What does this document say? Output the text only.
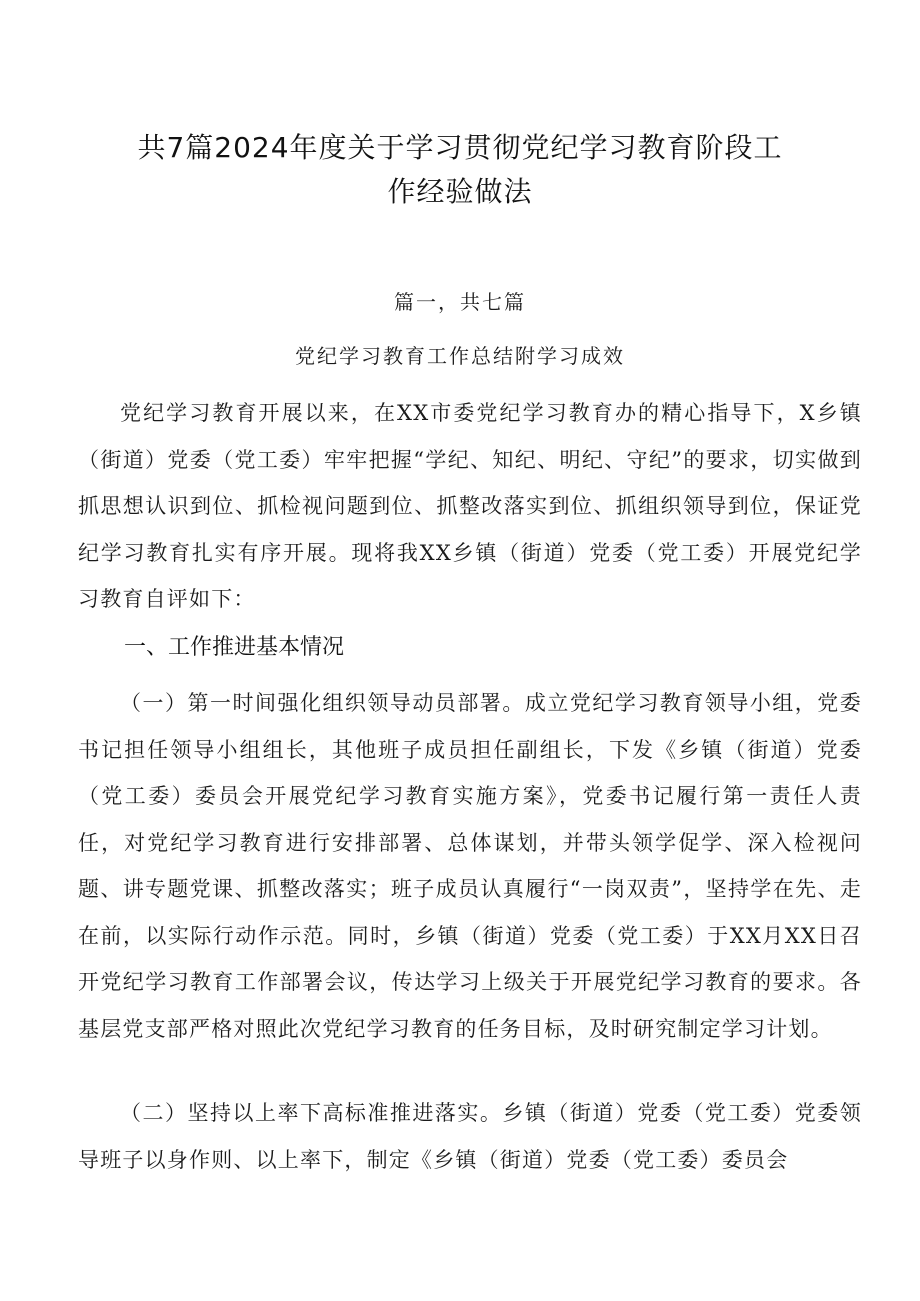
共7篇2024年度关于学习贯彻党纪学习教育阶段工
作经验做法
篇一，共七篇
党纪学习教育工作总结附学习成效

党纪学习教育开展以来，在XX市委党纪学习教育办的精心指导下，X乡镇（街道）党委（党工委）牢牢把握“学纪、知纪、明纪、守纪”的要求，切实做到抓思想认识到位、抓检视问题到位、抓整改落实到位、抓组织领导到位，保证党纪学习教育扎实有序开展。现将我XX乡镇（街道）党委（党工委）开展党纪学习教育自评如下：

一、工作推进基本情况

（一）第一时间强化组织领导动员部署。成立党纪学习教育领导小组，党委书记担任领导小组组长，其他班子成员担任副组长，下发《乡镇（街道）党委（党工委）委员会开展党纪学习教育实施方案》，党委书记履行第一责任人责任，对党纪学习教育进行安排部署、总体谋划，并带头领学促学、深入检视问题、讲专题党课、抓整改落实；班子成员认真履行“一岗双责”，坚持学在先、走在前，以实际行动作示范。同时，乡镇（街道）党委（党工委）于XX月XX日召开党纪学习教育工作部署会议，传达学习上级关于开展党纪学习教育的要求。各基层党支部严格对照此次党纪学习教育的任务目标，及时研究制定学习计划。

（二）坚持以上率下高标准推进落实。乡镇（街道）党委（党工委）党委领导班子以身作则、以上率下，制定《乡镇（街道）党委（党工委）委员会
